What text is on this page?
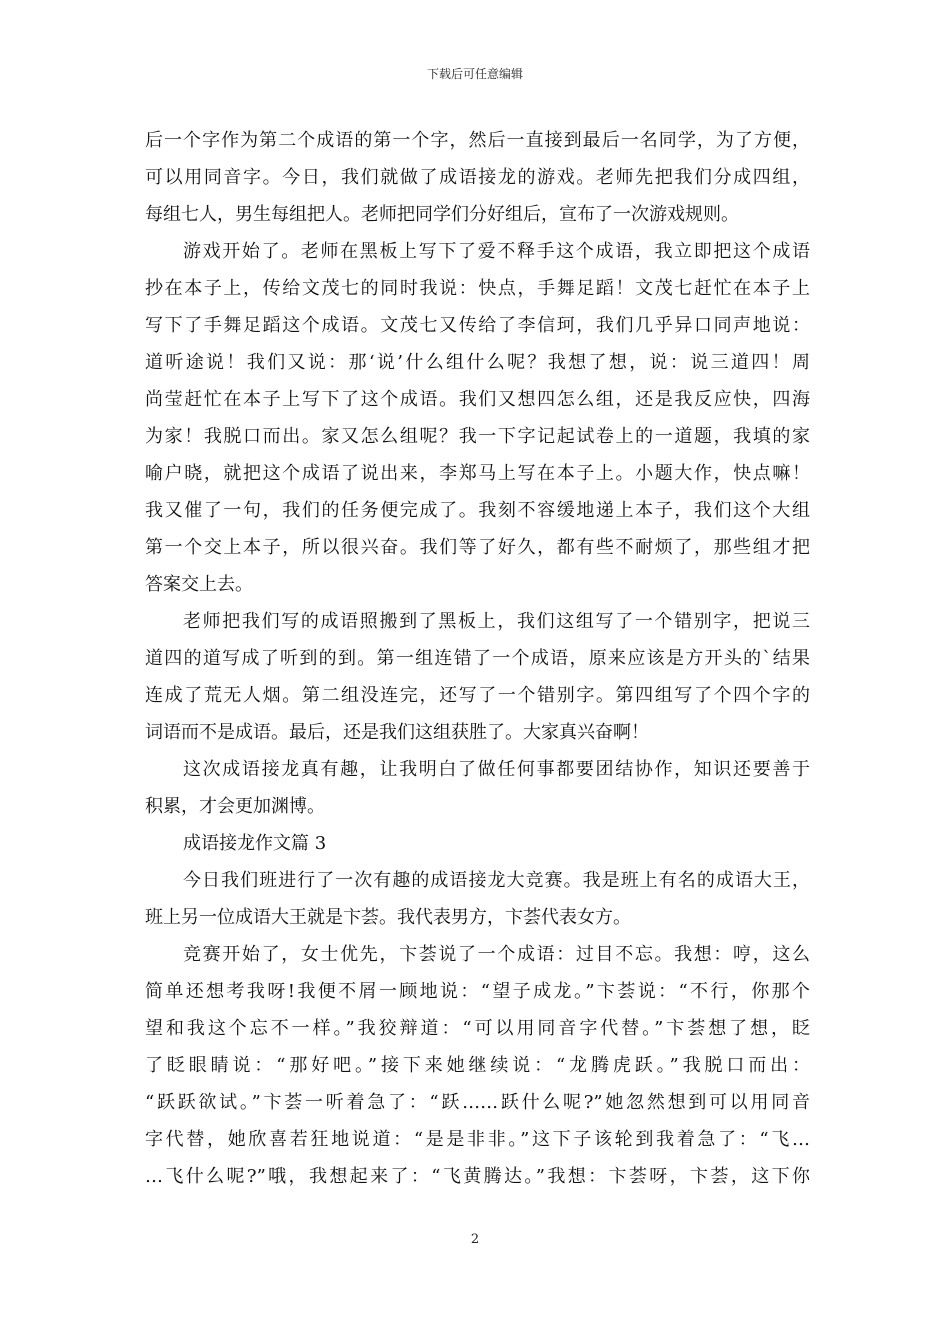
下载后可任意编辑
后一个字作为第二个成语的第一个字，然后一直接到最后一名同学，为了方便，
可以用同音字。今日，我们就做了成语接龙的游戏。老师先把我们分成四组，
每组七人，男生每组把人。老师把同学们分好组后，宣布了一次游戏规则。
游戏开始了。老师在黑板上写下了爱不释手这个成语，我立即把这个成语
抄在本子上，传给文茂七的同时我说：快点，手舞足蹈！文茂七赶忙在本子上
写下了手舞足蹈这个成语。文茂七又传给了李信珂，我们几乎异口同声地说：
道听途说！我们又说：那‘说’什么组什么呢？我想了想，说：说三道四！周
尚莹赶忙在本子上写下了这个成语。我们又想四怎么组，还是我反应快，四海
为家！我脱口而出。家又怎么组呢？我一下字记起试卷上的一道题，我填的家
喻户晓，就把这个成语了说出来，李郑马上写在本子上。小题大作，快点嘛！
我又催了一句，我们的任务便完成了。我刻不容缓地递上本子，我们这个大组
第一个交上本子，所以很兴奋。我们等了好久，都有些不耐烦了，那些组才把
答案交上去。
老师把我们写的成语照搬到了黑板上，我们这组写了一个错别字，把说三
道四的道写成了听到的到。第一组连错了一个成语，原来应该是方开头的`结果
连成了荒无人烟。第二组没连完，还写了一个错别字。第四组写了个四个字的
词语而不是成语。最后，还是我们这组获胜了。大家真兴奋啊！
这次成语接龙真有趣，让我明白了做任何事都要团结协作，知识还要善于
积累，才会更加渊博。
成语接龙作文篇 3
今日我们班进行了一次有趣的成语接龙大竞赛。我是班上有名的成语大王，
班上另一位成语大王就是卞荟。我代表男方，卞荟代表女方。
竞赛开始了，女士优先，卞荟说了一个成语：过目不忘。我想：哼，这么
简单还想考我呀!我便不屑一顾地说：“望子成龙。”卞荟说：“不行，你那个
望和我这个忘不一样。”我狡辩道：“可以用同音字代替。”卞荟想了想，眨
了眨眼睛说：“那好吧。”接下来她继续说：“龙腾虎跃。”我脱口而出：
“跃跃欲试。”卞荟一听着急了：“跃……跃什么呢?”她忽然想到可以用同音
字代替，她欣喜若狂地说道：“是是非非。”这下子该轮到我着急了：“飞…
…飞什么呢?”哦，我想起来了：“飞黄腾达。”我想：卞荟呀，卞荟，这下你
2
